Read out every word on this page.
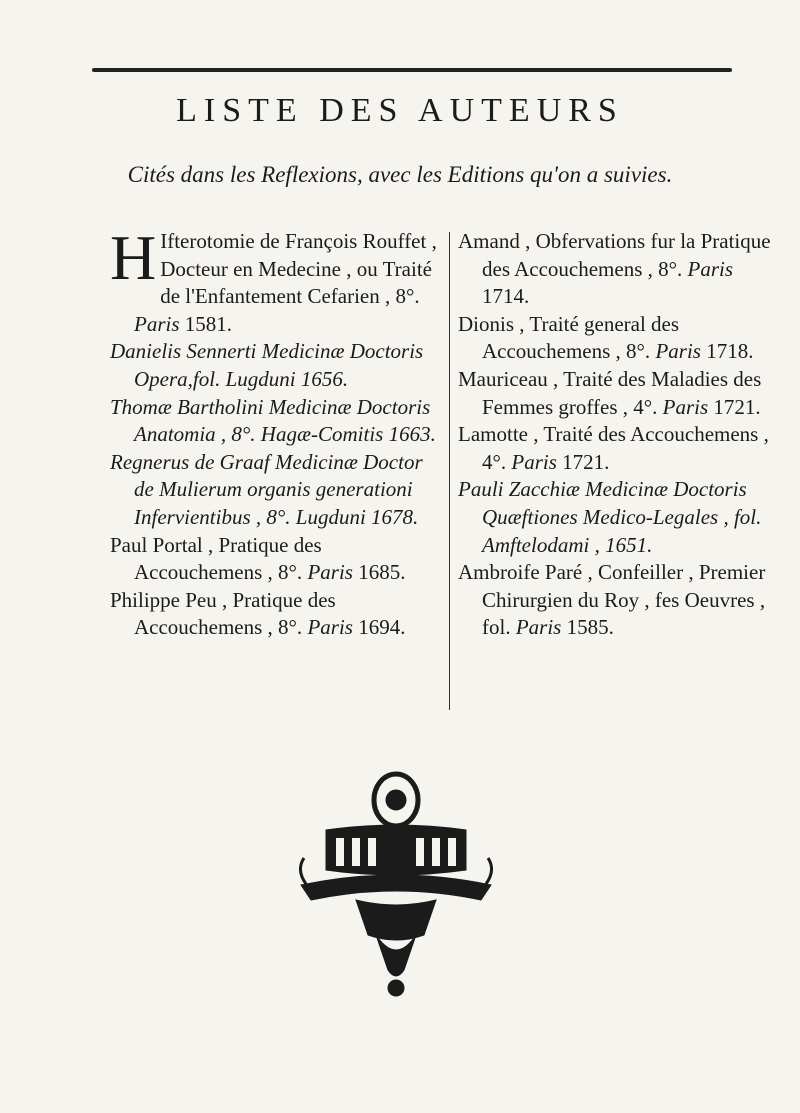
LISTE DES AUTEURS
Cités dans les Reflexions, avec les Editions qu'on a suivies.

H Ifterotomie de François Rouffet , Docteur en Medecine , ou Traité de l'Enfantement Cefarien , 8°. Paris 1581.

Danielis Sennerti Medicinæ Doctoris Opera,fol. Lugduni 1656.

Thomæ Bartholini Medicinæ Doctoris Anatomia , 8°. Hagæ-Comitis 1663.

Regnerus de Graaf Medicinæ Doctor de Mulierum organis generationi Infervientibus , 8°. Lugduni 1678.

Paul Portal , Pratique des Accouchemens , 8°. Paris 1685.

Philippe Peu , Pratique des Accouchemens , 8°. Paris 1694.

Amand , Obfervations fur la Pratique des Accouchemens , 8°. Paris 1714.

Dionis , Traité general des Accouchemens , 8°. Paris 1718.

Mauriceau , Traité des Maladies des Femmes groffes , 4°. Paris 1721.

Lamotte , Traité des Accouchemens , 4°. Paris 1721.

Pauli Zacchiæ Medicinæ Doctoris Quæftiones Medico-Legales , fol. Amftelodami , 1651.

Ambroife Paré , Confeiller , Premier Chirurgien du Roy , fes Oeuvres , fol. Paris 1585.
